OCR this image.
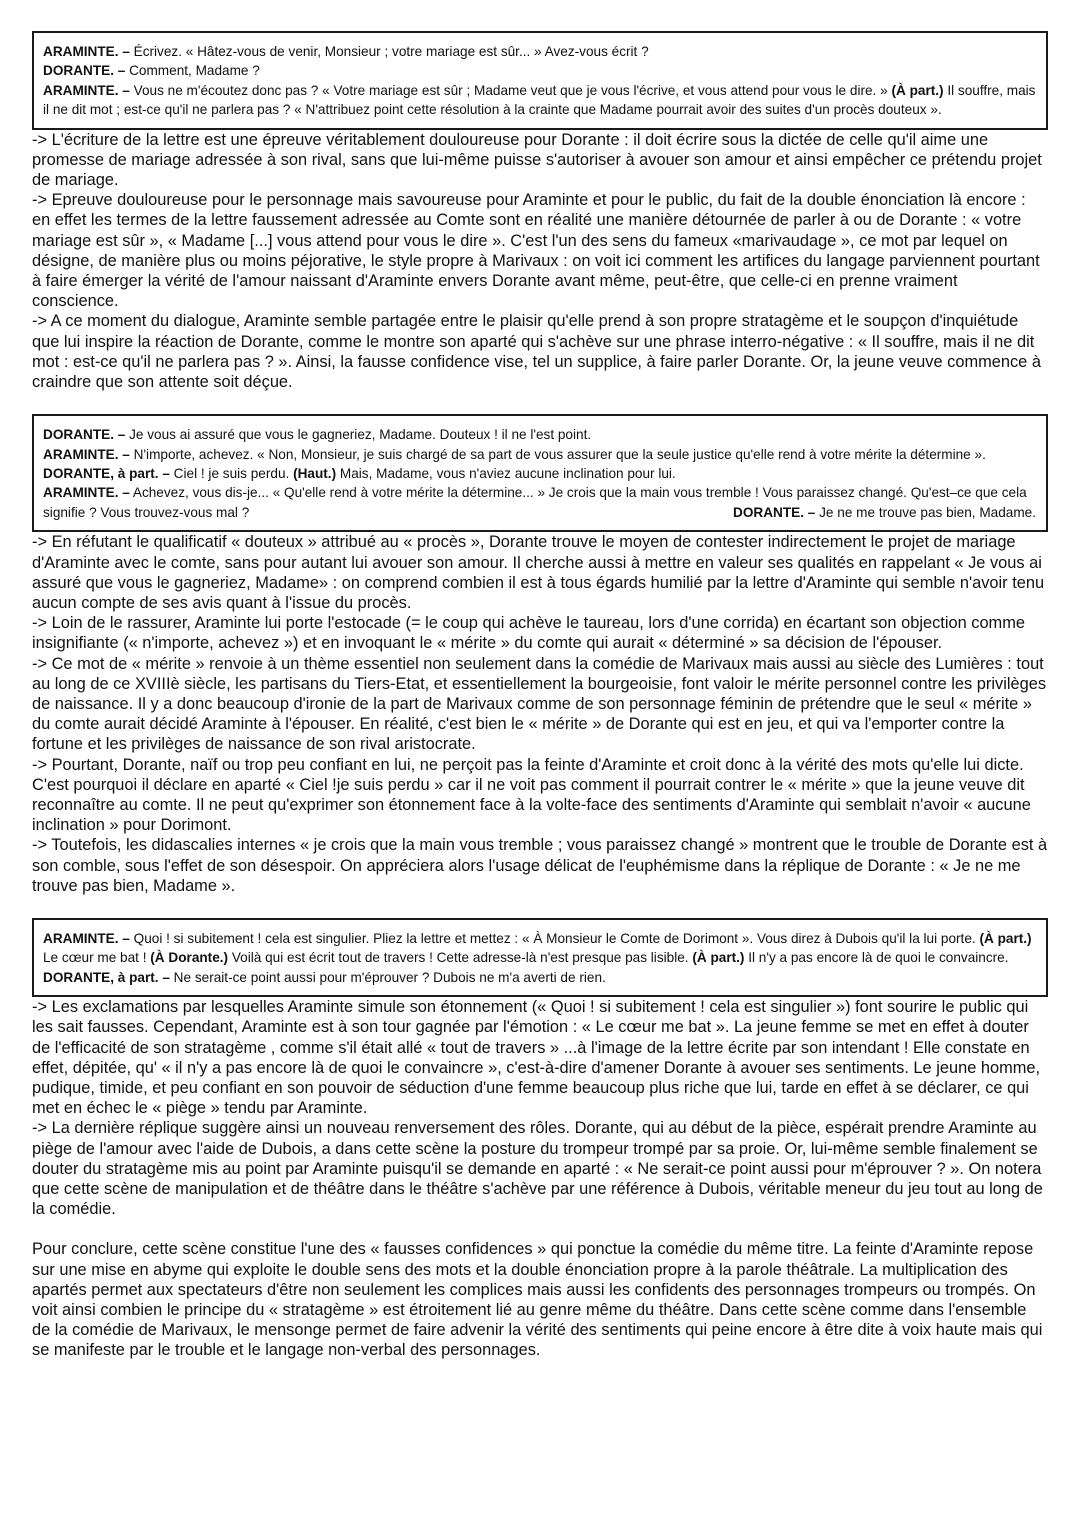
ARAMINTE. – Écrivez. « Hâtez-vous de venir, Monsieur ; votre mariage est sûr... » Avez-vous écrit ?

DORANTE. – Comment, Madame ?

ARAMINTE. – Vous ne m'écoutez donc pas ? « Votre mariage est sûr ; Madame veut que je vous l'écrive, et vous attend pour vous le dire. » (À part.) Il souffre, mais il ne dit mot ; est-ce qu'il ne parlera pas ? « N'attribuez point cette résolution à la crainte que Madame pourrait avoir des suites d'un procès douteux ».

-> L'écriture de la lettre est une épreuve véritablement douloureuse pour Dorante : il doit écrire sous la dictée de celle qu'il aime une promesse de mariage adressée à son rival, sans que lui-même puisse s'autoriser à avouer son amour et ainsi empêcher ce prétendu projet de mariage.

-> Epreuve douloureuse pour le personnage mais savoureuse pour Araminte et pour le public, du fait de la double énonciation là encore : en effet les termes de la lettre faussement adressée au Comte sont en réalité une manière détournée de parler à ou de Dorante : « votre mariage est sûr », « Madame [...] vous attend pour vous le dire ». C'est l'un des sens du fameux «marivaudage », ce mot par lequel on désigne, de manière plus ou moins péjorative, le style propre à Marivaux : on voit ici comment les artifices du langage parviennent pourtant à faire émerger la vérité de l'amour naissant d'Araminte envers Dorante avant même, peut-être, que celle-ci en prenne vraiment conscience.

-> A ce moment du dialogue, Araminte semble partagée entre le plaisir qu'elle prend à son propre stratagème et le soupçon d'inquiétude que lui inspire la réaction de Dorante, comme le montre son aparté qui s'achève sur une phrase interro-négative : « Il souffre, mais il ne dit mot : est-ce qu'il ne parlera pas ? ». Ainsi, la fausse confidence vise, tel un supplice, à faire parler Dorante. Or, la jeune veuve commence à craindre que son attente soit déçue.

DORANTE. – Je vous ai assuré que vous le gagneriez, Madame. Douteux ! il ne l'est point.

ARAMINTE. – N'importe, achevez. « Non, Monsieur, je suis chargé de sa part de vous assurer que la seule justice qu'elle rend à votre mérite la détermine ».

DORANTE, à part. – Ciel ! je suis perdu. (Haut.) Mais, Madame, vous n'aviez aucune inclination pour lui.

ARAMINTE. – Achevez, vous dis-je... « Qu'elle rend à votre mérite la détermine... » Je crois que la main vous tremble ! Vous paraissez changé. Qu'est–ce que cela signifie ? Vous trouvez-vous mal ?	DORANTE. – Je ne me trouve pas bien, Madame.

-> En réfutant le qualificatif « douteux » attribué au « procès », Dorante trouve le moyen de contester indirectement le projet de mariage d'Araminte avec le comte, sans pour autant lui avouer son amour. Il cherche aussi à mettre en valeur ses qualités en rappelant « Je vous ai assuré que vous le gagneriez, Madame» : on comprend combien il est à tous égards humilié par la lettre d'Araminte qui semble n'avoir tenu aucun compte de ses avis quant à l'issue du procès.

-> Loin de le rassurer, Araminte lui porte l'estocade (= le coup qui achève le taureau, lors d'une corrida) en écartant son objection comme insignifiante (« n'importe, achevez ») et en invoquant le « mérite » du comte qui aurait « déterminé » sa décision de l'épouser.

-> Ce mot de « mérite » renvoie à un thème essentiel non seulement dans la comédie de Marivaux mais aussi au siècle des Lumières : tout au long de ce XVIIIè siècle, les partisans du Tiers-Etat, et essentiellement la bourgeoisie, font valoir le mérite personnel contre les privilèges de naissance. Il y a donc beaucoup d'ironie de la part de Marivaux comme de son personnage féminin de prétendre que le seul « mérite » du comte aurait décidé Araminte à l'épouser. En réalité, c'est bien le « mérite » de Dorante qui est en jeu, et qui va l'emporter contre la fortune et les privilèges de naissance de son rival aristocrate.

-> Pourtant, Dorante, naïf ou trop peu confiant en lui, ne perçoit pas la feinte d'Araminte et croit donc à la vérité des mots qu'elle lui dicte. C'est pourquoi il déclare en aparté « Ciel !je suis perdu » car il ne voit pas comment il pourrait contrer le « mérite » que la jeune veuve dit reconnaître au comte. Il ne peut qu'exprimer son étonnement face à la volte-face des sentiments d'Araminte qui semblait n'avoir « aucune inclination » pour Dorimont.

-> Toutefois, les didascalies internes « je crois que la main vous tremble ; vous paraissez changé » montrent que le trouble de Dorante est à son comble, sous l'effet de son désespoir. On appréciera alors l'usage délicat de l'euphémisme dans la réplique de Dorante : « Je ne me trouve pas bien, Madame ».

ARAMINTE. – Quoi ! si subitement ! cela est singulier. Pliez la lettre et mettez : « À Monsieur le Comte de Dorimont ». Vous direz à Dubois qu'il la lui porte. (À part.) Le cœur me bat ! (À Dorante.) Voilà qui est écrit tout de travers ! Cette adresse-là n'est presque pas lisible. (À part.) Il n'y a pas encore là de quoi le convaincre.

DORANTE, à part. – Ne serait-ce point aussi pour m'éprouver ? Dubois ne m'a averti de rien.

-> Les exclamations par lesquelles Araminte simule son étonnement (« Quoi ! si subitement ! cela est singulier ») font sourire le public qui les sait fausses. Cependant, Araminte est à son tour gagnée par l'émotion : « Le cœur me bat ». La jeune femme se met en effet à douter de l'efficacité de son stratagème , comme s'il était allé « tout de travers » ...à l'image de la lettre écrite par son intendant ! Elle constate en effet, dépitée, qu' « il n'y a pas encore là de quoi le convaincre », c'est-à-dire d'amener Dorante à avouer ses sentiments. Le jeune homme, pudique, timide, et peu confiant en son pouvoir de séduction d'une femme beaucoup plus riche que lui, tarde en effet à se déclarer, ce qui met en échec le « piège » tendu par Araminte.

-> La dernière réplique suggère ainsi un nouveau renversement des rôles. Dorante, qui au début de la pièce, espérait prendre Araminte au piège de l'amour avec l'aide de Dubois, a dans cette scène la posture du trompeur trompé par sa proie. Or, lui-même semble finalement se douter du stratagème mis au point par Araminte puisqu'il se demande en aparté : « Ne serait-ce point aussi pour m'éprouver ? ». On notera que cette scène de manipulation et de théâtre dans le théâtre s'achève par une référence à Dubois, véritable meneur du jeu tout au long de la comédie.

Pour conclure, cette scène constitue l'une des « fausses confidences » qui ponctue la comédie du même titre. La feinte d'Araminte repose sur une mise en abyme qui exploite le double sens des mots et la double énonciation propre à la parole théâtrale. La multiplication des apartés permet aux spectateurs d'être non seulement les complices mais aussi les confidents des personnages trompeurs ou trompés. On voit ainsi combien le principe du « stratagème » est étroitement lié au genre même du théâtre. Dans cette scène comme dans l'ensemble de la comédie de Marivaux, le mensonge permet de faire advenir la vérité des sentiments qui peine encore à être dite à voix haute mais qui se manifeste par le trouble et le langage non-verbal des personnages.
